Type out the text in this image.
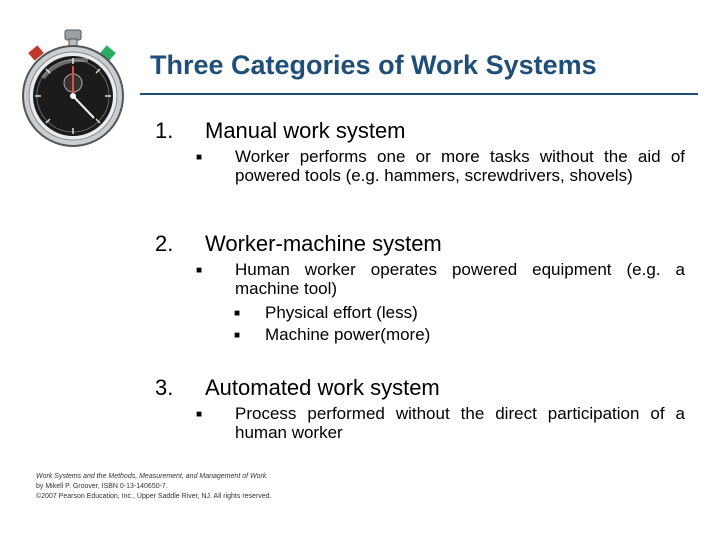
Three Categories of Work Systems
1. Manual work system
■ Worker performs one or more tasks without the aid of powered tools (e.g. hammers, screwdrivers, shovels)
2. Worker-machine system
■ Human worker operates powered equipment (e.g. a machine tool)
■ Physical effort (less)
■ Machine power(more)
3. Automated work system
■ Process performed without the direct participation of a human worker
Work Systems and the Methods, Measurement, and Management of Work
by Mikell P. Groover, ISBN 0-13-140650-7.
©2007 Pearson Education, Inc., Upper Saddle River, NJ. All rights reserved.
